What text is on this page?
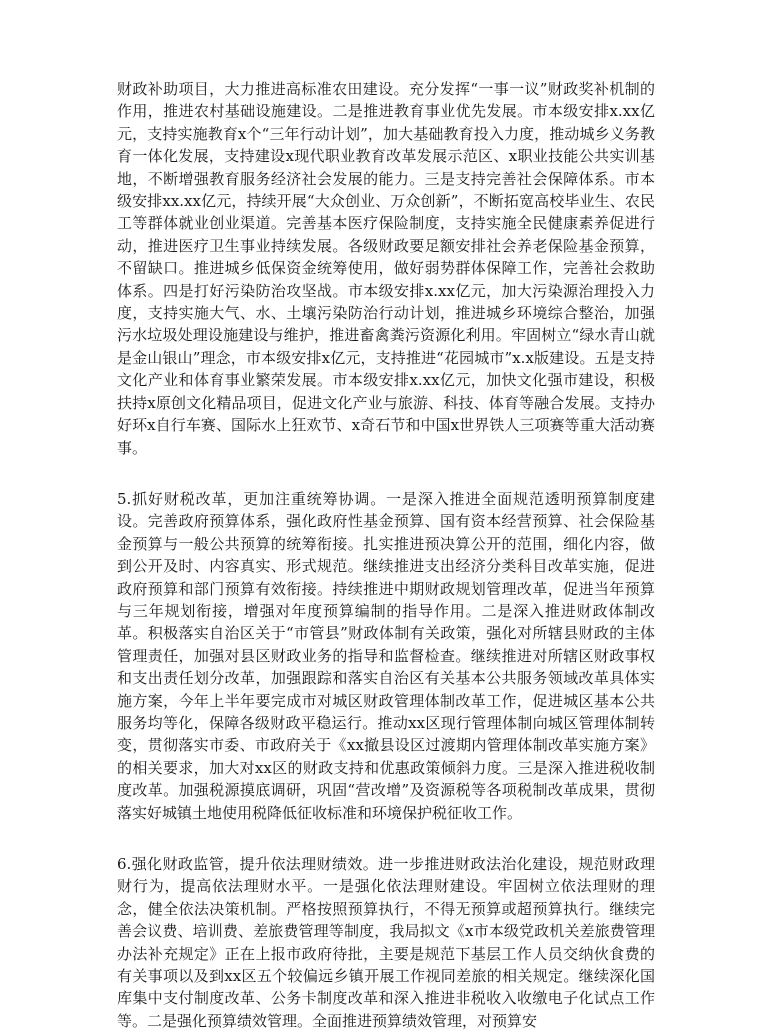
财政补助项目，大力推进高标准农田建设。充分发挥“一事一议”财政奖补机制的作用，推进农村基础设施建设。二是推进教育事业优先发展。市本级安排x.xx亿元，支持实施教育x个“三年行动计划”，加大基础教育投入力度，推动城乡义务教育一体化发展，支持建设x现代职业教育改革发展示范区、x职业技能公共实训基地，不断增强教育服务经济社会发展的能力。三是支持完善社会保障体系。市本级安排xx.xx亿元，持续开展“大众创业、万众创新”，不断拓宽高校毕业生、农民工等群体就业创业渠道。完善基本医疗保险制度，支持实施全民健康素养促进行动，推进医疗卫生事业持续发展。各级财政要足额安排社会养老保险基金预算，不留缺口。推进城乡低保资金统筹使用，做好弱势群体保障工作，完善社会救助体系。四是打好污染防治攻坚战。市本级安排x.xx亿元，加大污染源治理投入力度，支持实施大气、水、土壤污染防治行动计划，推进城乡环境综合整治，加强污水垃圾处理设施建设与维护，推进畜禽粪污资源化利用。牢固树立“绿水青山就是金山银山”理念，市本级安排x亿元，支持推进“花园城市”x.x版建设。五是支持文化产业和体育事业繁荣发展。市本级安排x.xx亿元，加快文化强市建设，积极扶持x原创文化精品项目，促进文化产业与旅游、科技、体育等融合发展。支持办好环x自行车赛、国际水上狂欢节、x奇石节和中国x世界铁人三项赛等重大活动赛事。

5.抓好财税改革，更加注重统筹协调。一是深入推进全面规范透明预算制度建设。完善政府预算体系，强化政府性基金预算、国有资本经营预算、社会保险基金预算与一般公共预算的统筹衔接。扎实推进预决算公开的范围，细化内容，做到公开及时、内容真实、形式规范。继续推进支出经济分类科目改革实施，促进政府预算和部门预算有效衔接。持续推进中期财政规划管理改革，促进当年预算与三年规划衔接，增强对年度预算编制的指导作用。二是深入推进财政体制改革。积极落实自治区关于“市管县”财政体制有关政策，强化对所辖县财政的主体管理责任，加强对县区财政业务的指导和监督检查。继续推进对所辖区财政事权和支出责任划分改革，加强跟踪和落实自治区有关基本公共服务领域改革具体实施方案，今年上半年要完成市对城区财政管理体制改革工作，促进城区基本公共服务均等化，保障各级财政平稳运行。推动xx区现行管理体制向城区管理体制转变，贯彻落实市委、市政府关于《xx撤县设区过渡期内管理体制改革实施方案》的相关要求，加大对xx区的财政支持和优惠政策倾斜力度。三是深入推进税收制度改革。加强税源摸底调研，巩固“营改增”及资源税等各项税制改革成果，贯彻落实好城镇土地使用税降低征收标准和环境保护税征收工作。

6.强化财政监管，提升依法理财绩效。进一步推进财政法治化建设，规范财政理财行为，提高依法理财水平。一是强化依法理财建设。牢固树立依法理财的理念，健全依法决策机制。严格按照预算执行，不得无预算或超预算执行。继续完善会议费、培训费、差旅费管理等制度，我局拟文《x市本级党政机关差旅费管理办法补充规定》正在上报市政府待批，主要是规范下基层工作人员交纳伙食费的有关事项以及到xx区五个较偏远乡镇开展工作视同差旅的相关规定。继续深化国库集中支付制度改革、公务卡制度改革和深入推进非税收入收缴电子化试点工作等。二是强化预算绩效管理。全面推进预算绩效管理，对预算安
